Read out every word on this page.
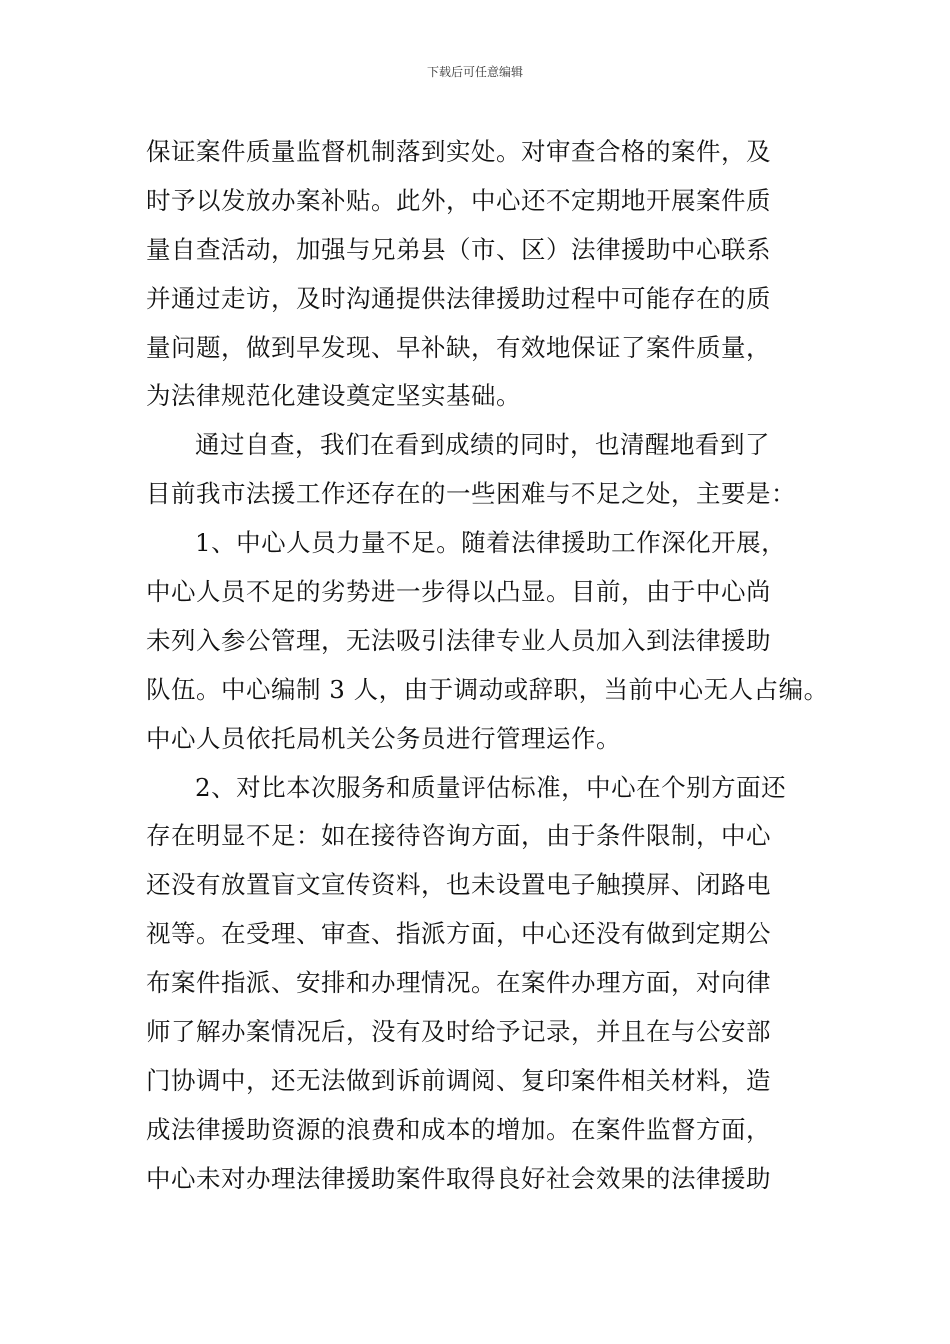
下载后可任意编辑
保证案件质量监督机制落到实处。对审查合格的案件，及
时予以发放办案补贴。此外，中心还不定期地开展案件质
量自查活动，加强与兄弟县（市、区）法律援助中心联系
并通过走访，及时沟通提供法律援助过程中可能存在的质
量问题，做到早发现、早补缺，有效地保证了案件质量，
为法律规范化建设奠定坚实基础。
通过自查，我们在看到成绩的同时，也清醒地看到了
目前我市法援工作还存在的一些困难与不足之处，主要是：
1、中心人员力量不足。随着法律援助工作深化开展，
中心人员不足的劣势进一步得以凸显。目前，由于中心尚
未列入参公管理，无法吸引法律专业人员加入到法律援助
队伍。中心编制 3 人，由于调动或辞职，当前中心无人占编。
中心人员依托局机关公务员进行管理运作。
2、对比本次服务和质量评估标准，中心在个别方面还
存在明显不足：如在接待咨询方面，由于条件限制，中心
还没有放置盲文宣传资料，也未设置电子触摸屏、闭路电
视等。在受理、审查、指派方面，中心还没有做到定期公
布案件指派、安排和办理情况。在案件办理方面，对向律
师了解办案情况后，没有及时给予记录，并且在与公安部
门协调中，还无法做到诉前调阅、复印案件相关材料，造
成法律援助资源的浪费和成本的增加。在案件监督方面，
中心未对办理法律援助案件取得良好社会效果的法律援助
